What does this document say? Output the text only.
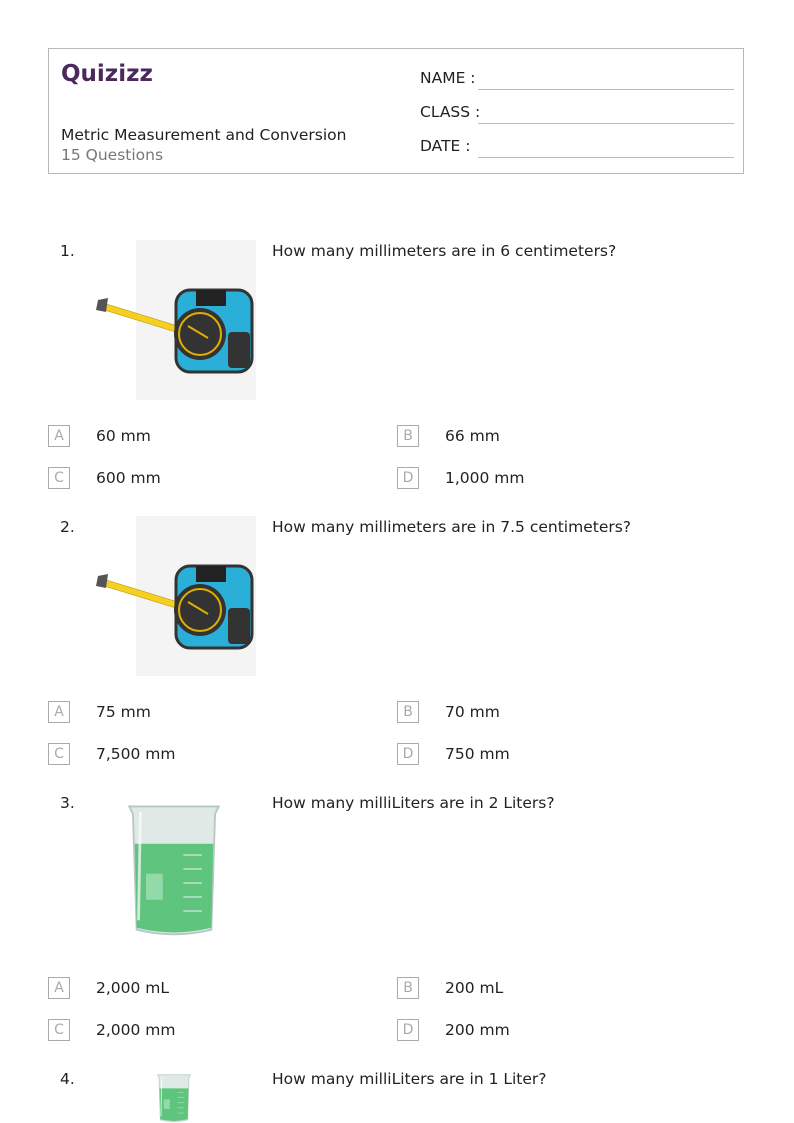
Quizizz
Metric Measurement and Conversion
15 Questions
NAME :
CLASS :
DATE :
1.	How many millimeters are in 6 centimeters?
A	60 mm	B	66 mm
C	600 mm	D	1,000 mm
2.	How many millimeters are in 7.5 centimeters?
A	75 mm	B	70 mm
C	7,500 mm	D	750 mm
3.	How many milliLiters are in 2 Liters?
A	2,000 mL	B	200 mL
C	2,000 mm	D	200 mm
4.	How many milliLiters are in 1 Liter?
